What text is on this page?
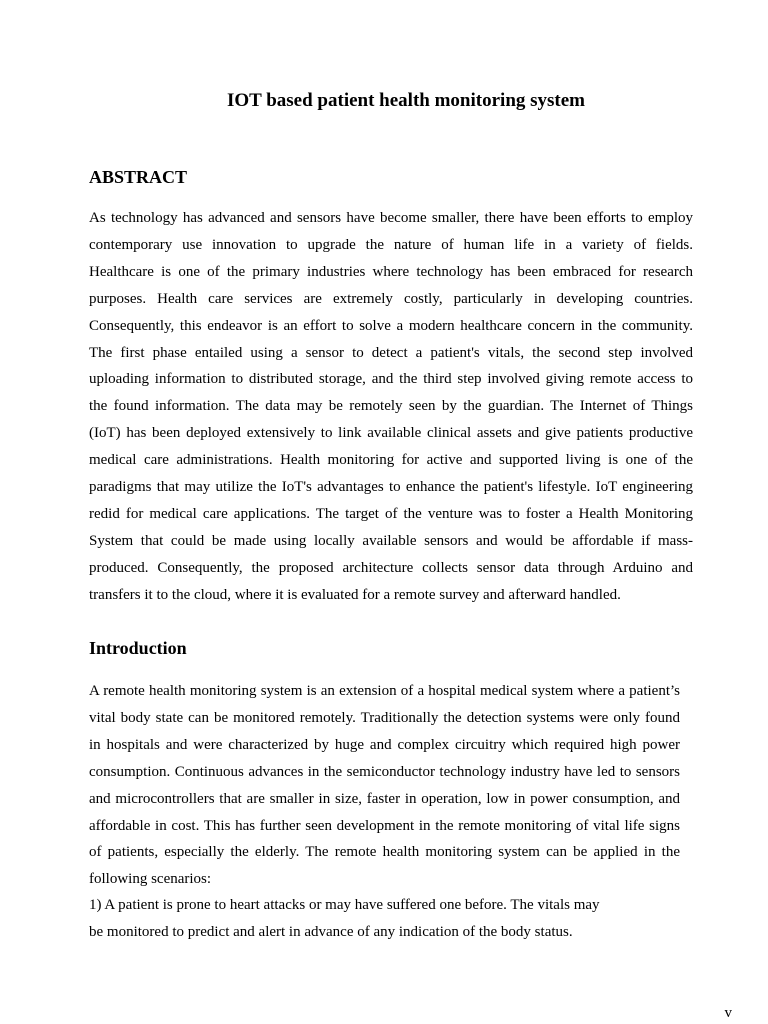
IOT based patient health monitoring system
ABSTRACT
As technology has advanced and sensors have become smaller, there have been efforts to employ
contemporary use innovation to upgrade the nature of human life in a variety of fields.
Healthcare is one of the primary industries where technology has been embraced for research
purposes. Health care services are extremely costly, particularly in developing countries.
Consequently, this endeavor is an effort to solve a modern healthcare concern in the community.
The first phase entailed using a sensor to detect a patient's vitals, the second step involved
uploading information to distributed storage, and the third step involved giving remote access to
the found information. The data may be remotely seen by the guardian. The Internet of Things
(IoT) has been deployed extensively to link available clinical assets and give patients productive
medical care administrations. Health monitoring for active and supported living is one of the
paradigms that may utilize the IoT's advantages to enhance the patient's lifestyle. IoT engineering
redid for medical care applications. The target of the venture was to foster a Health Monitoring
System that could be made using locally available sensors and would be affordable if mass-
produced. Consequently, the proposed architecture collects sensor data through Arduino and
transfers it to the cloud, where it is evaluated for a remote survey and afterward handled.
Introduction
A remote health monitoring system is an extension of a hospital medical system where a patient’s
vital body state can be monitored remotely. Traditionally the detection systems were only found
in hospitals and were characterized by huge and complex circuitry which required high power
consumption. Continuous advances in the semiconductor technology industry have led to sensors
and microcontrollers that are smaller in size, faster in operation, low in power consumption, and
affordable in cost. This has further seen development in the remote monitoring of vital life signs
of patients, especially the elderly. The remote health monitoring system can be applied in the
following scenarios:
1) A patient is prone to heart attacks or may have suffered one before. The vitals may
be monitored to predict and alert in advance of any indication of the body status.
v
